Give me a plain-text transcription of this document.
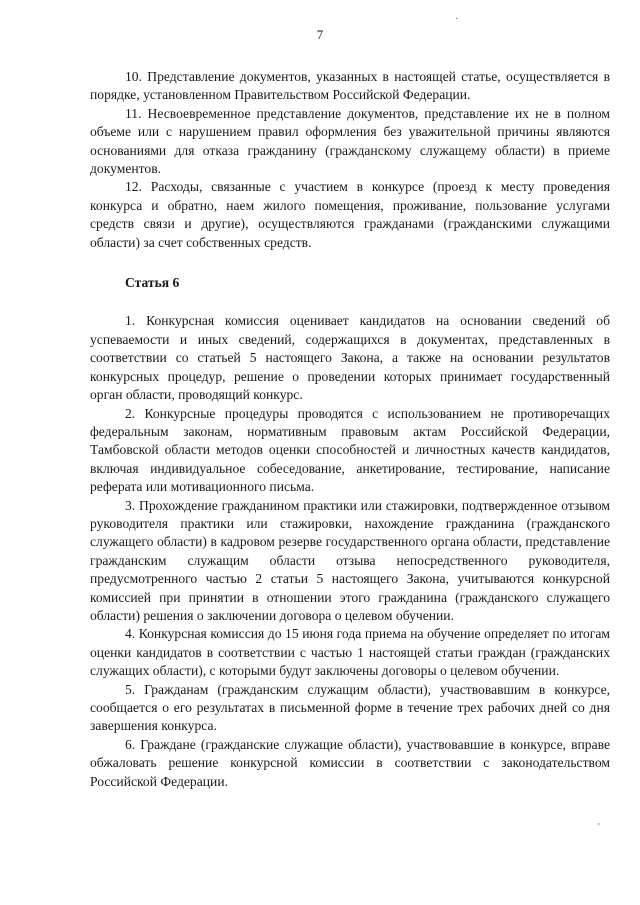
7

10. Представление документов, указанных в настоящей статье, осуществляется в порядке, установленном Правительством Российской Федерации.

11. Несвоевременное представление документов, представление их не в полном объеме или с нарушением правил оформления без уважительной причины являются основаниями для отказа гражданину (гражданскому служащему области) в приеме документов.

12. Расходы, связанные с участием в конкурсе (проезд к месту проведения конкурса и обратно, наем жилого помещения, проживание, пользование услугами средств связи и другие), осуществляются гражданами (гражданскими служащими области) за счет собственных средств.

Статья 6

1. Конкурсная комиссия оценивает кандидатов на основании сведений об успеваемости и иных сведений, содержащихся в документах, представленных в соответствии со статьей 5 настоящего Закона, а также на основании результатов конкурсных процедур, решение о проведении которых принимает государственный орган области, проводящий конкурс.

2. Конкурсные процедуры проводятся с использованием не противоречащих федеральным законам, нормативным правовым актам Российской Федерации, Тамбовской области методов оценки способностей и личностных качеств кандидатов, включая индивидуальное собеседование, анкетирование, тестирование, написание реферата или мотивационного письма.

3. Прохождение гражданином практики или стажировки, подтвержденное отзывом руководителя практики или стажировки, нахождение гражданина (гражданского служащего области) в кадровом резерве государственного органа области, представление гражданским служащим области отзыва непосредственного руководителя, предусмотренного частью 2 статьи 5 настоящего Закона, учитываются конкурсной комиссией при принятии в отношении этого гражданина (гражданского служащего области) решения о заключении договора о целевом обучении.

4. Конкурсная комиссия до 15 июня года приема на обучение определяет по итогам оценки кандидатов в соответствии с частью 1 настоящей статьи граждан (гражданских служащих области), с которыми будут заключены договоры о целевом обучении.

5. Гражданам (гражданским служащим области), участвовавшим в конкурсе, сообщается о его результатах в письменной форме в течение трех рабочих дней со дня завершения конкурса.

6. Граждане (гражданские служащие области), участвовавшие в конкурсе, вправе обжаловать решение конкурсной комиссии в соответствии с законодательством Российской Федерации.

·
'
